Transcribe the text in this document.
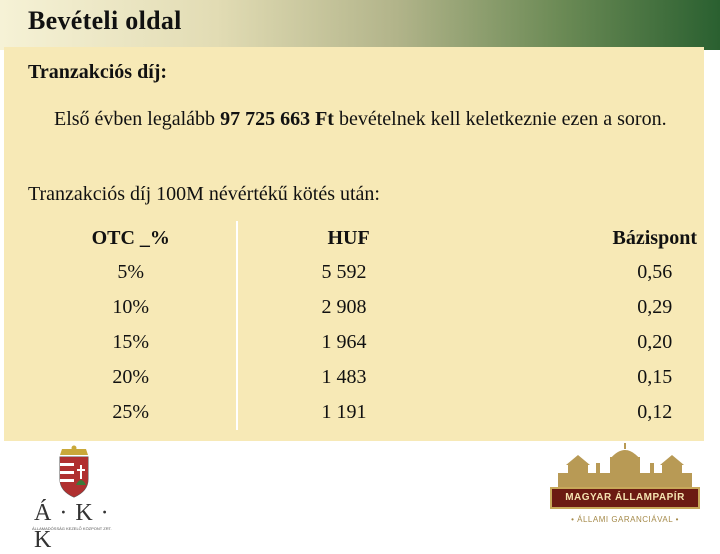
Bevételi oldal
Tranzakciós díj:
Első évben legalább 97 725 663 Ft bevételnek kell keletkeznie ezen a soron.
Tranzakciós díj 100M névértékű kötés után:
OTC _%	HUF	Bázispont
5%	5 592	0,56
10%	2 908	0,29
15%	1 964	0,20
20%	1 483	0,15
25%	1 191	0,12
Á · K · K
ÁLLAMADÓSSÁG KEZELŐ KÖZPONT ZRT.
MAGYAR ÁLLAMPAPÍR
• ÁLLAMI GARANCIÁVAL •
